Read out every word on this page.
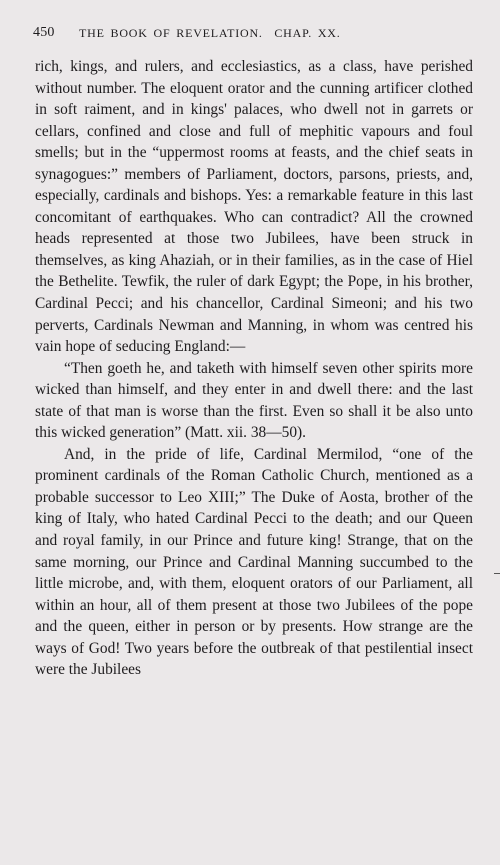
450 THE BOOK OF REVELATION. CHAP. XX.

rich, kings, and rulers, and ecclesiastics, as a class, have perished without number. The eloquent orator and the cunning artificer clothed in soft raiment, and in kings' palaces, who dwell not in garrets or cellars, confined and close and full of mephitic vapours and foul smells; but in the “uppermost rooms at feasts, and the chief seats in synagogues:” members of Parliament, doctors, parsons, priests, and, especially, cardinals and bishops. Yes: a remarkable feature in this last concomitant of earthquakes. Who can contradict? All the crowned heads represented at those two Jubilees, have been struck in themselves, as king Ahaziah, or in their families, as in the case of Hiel the Bethelite. Tewfik, the ruler of dark Egypt; the Pope, in his brother, Cardinal Pecci; and his chancellor, Cardinal Simeoni; and his two perverts, Cardinals Newman and Manning, in whom was centred his vain hope of seducing England:—

“Then goeth he, and taketh with himself seven other spirits more wicked than himself, and they enter in and dwell there: and the last state of that man is worse than the first. Even so shall it be also unto this wicked generation” (Matt. xii. 38—50).

And, in the pride of life, Cardinal Mermilod, “one of the prominent cardinals of the Roman Catholic Church, mentioned as a probable successor to Leo XIII;” The Duke of Aosta, brother of the king of Italy, who hated Cardinal Pecci to the death; and our Queen and royal family, in our Prince and future king! Strange, that on the same morning, our Prince and Cardinal Manning succumbed to the little microbe, and, with them, eloquent orators of our Parliament, all within an hour, all of them present at those two Jubilees of the pope and the queen, either in person or by presents. How strange are the ways of God! Two years before the outbreak of that pestilential insect were the Jubilees
